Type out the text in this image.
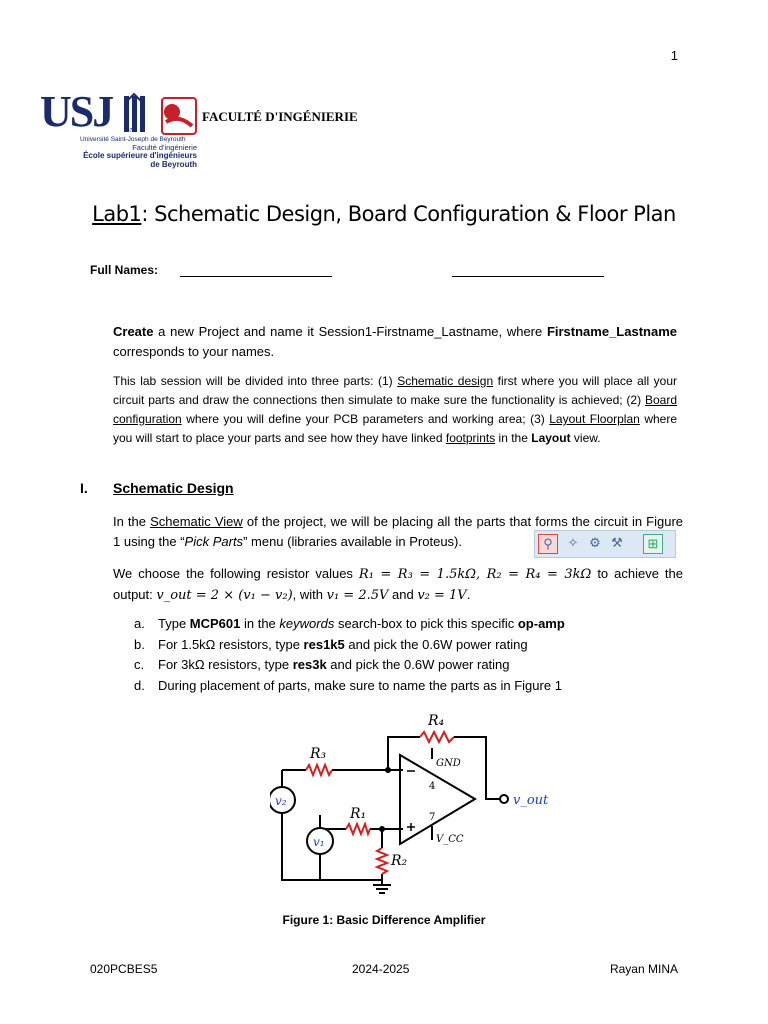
1
USJ 1875
Université Saint-Joseph de Beyrouth
Faculté d'ingénierie
École supérieure d'ingénieurs
de Beyrouth
FACULTÉ D'INGÉNIERIE
Lab1: Schematic Design, Board Configuration & Floor Plan
Full Names:
Create a new Project and name it Session1-Firstname_Lastname, where Firstname_Lastname corresponds to your names.
This lab session will be divided into three parts: (1) Schematic design first where you will place all your circuit parts and draw the connections then simulate to make sure the functionality is achieved; (2) Board configuration where you will define your PCB parameters and working area; (3) Layout Floorplan where you will start to place your parts and see how they have linked footprints in the Layout view.
I. Schematic Design
In the Schematic View of the project, we will be placing all the parts that forms the circuit in Figure 1 using the “Pick Parts” menu (libraries available in Proteus).	⚲	✧ ⚙ ⚒	⊞
We choose the following resistor values R₁ = R₃ = 1.5kΩ, R₂ = R₄ = 3kΩ to achieve the output: v_out = 2 × (v₁ − v₂), with v₁ = 2.5V and v₂ = 1V.
a.	Type MCP601 in the keywords search-box to pick this specific op-amp
b.	For 1.5kΩ resistors, type res1k5 and pick the 0.6W power rating
c.	For 3kΩ resistors, type res3k and pick the 0.6W power rating
d.	During placement of parts, make sure to name the parts as in Figure 1
R₄
R₃
R₁
R₂
v₂
v₁
v_out
GND
V_CC
4
7
Figure 1: Basic Difference Amplifier
020PCBES5	2024-2025	Rayan MINA
